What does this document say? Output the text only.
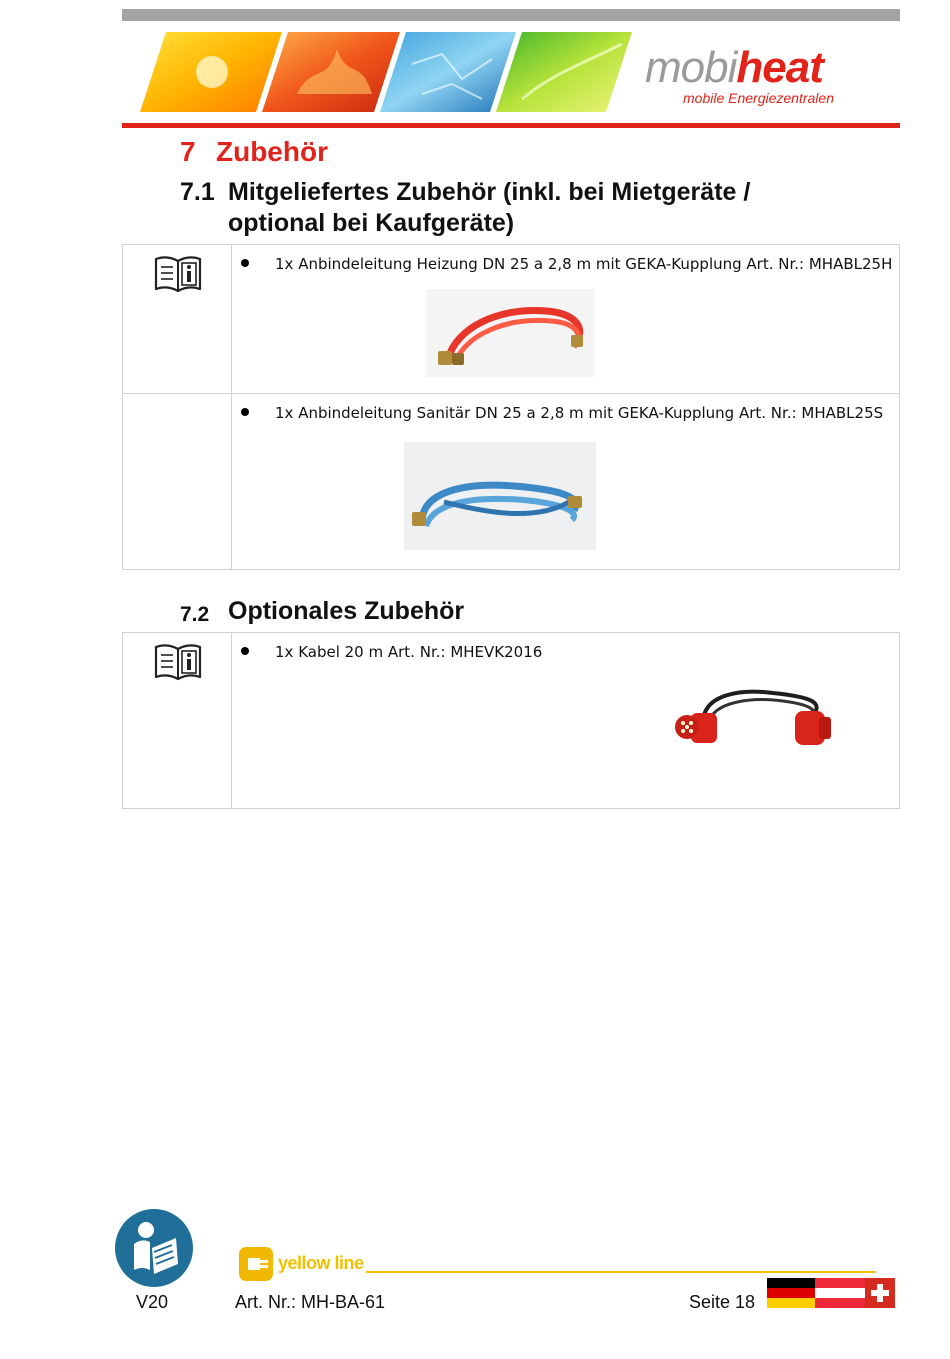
mobiheat
mobile Energiezentralen
7 Zubehör
7.1 Mitgeliefertes Zubehör (inkl. bei Mietgeräte /
optional bei Kaufgeräte)
1x Anbindeleitung Heizung DN 25 a 2,8 m mit GEKA-Kupplung Art. Nr.: MHABL25H
1x Anbindeleitung Sanitär DN 25 a 2,8 m mit GEKA-Kupplung Art. Nr.: MHABL25S
7.2 Optionales Zubehör
1x Kabel 20 m Art. Nr.: MHEVK2016
yellow line
V20	Art. Nr.: MH-BA-61	Seite 18
